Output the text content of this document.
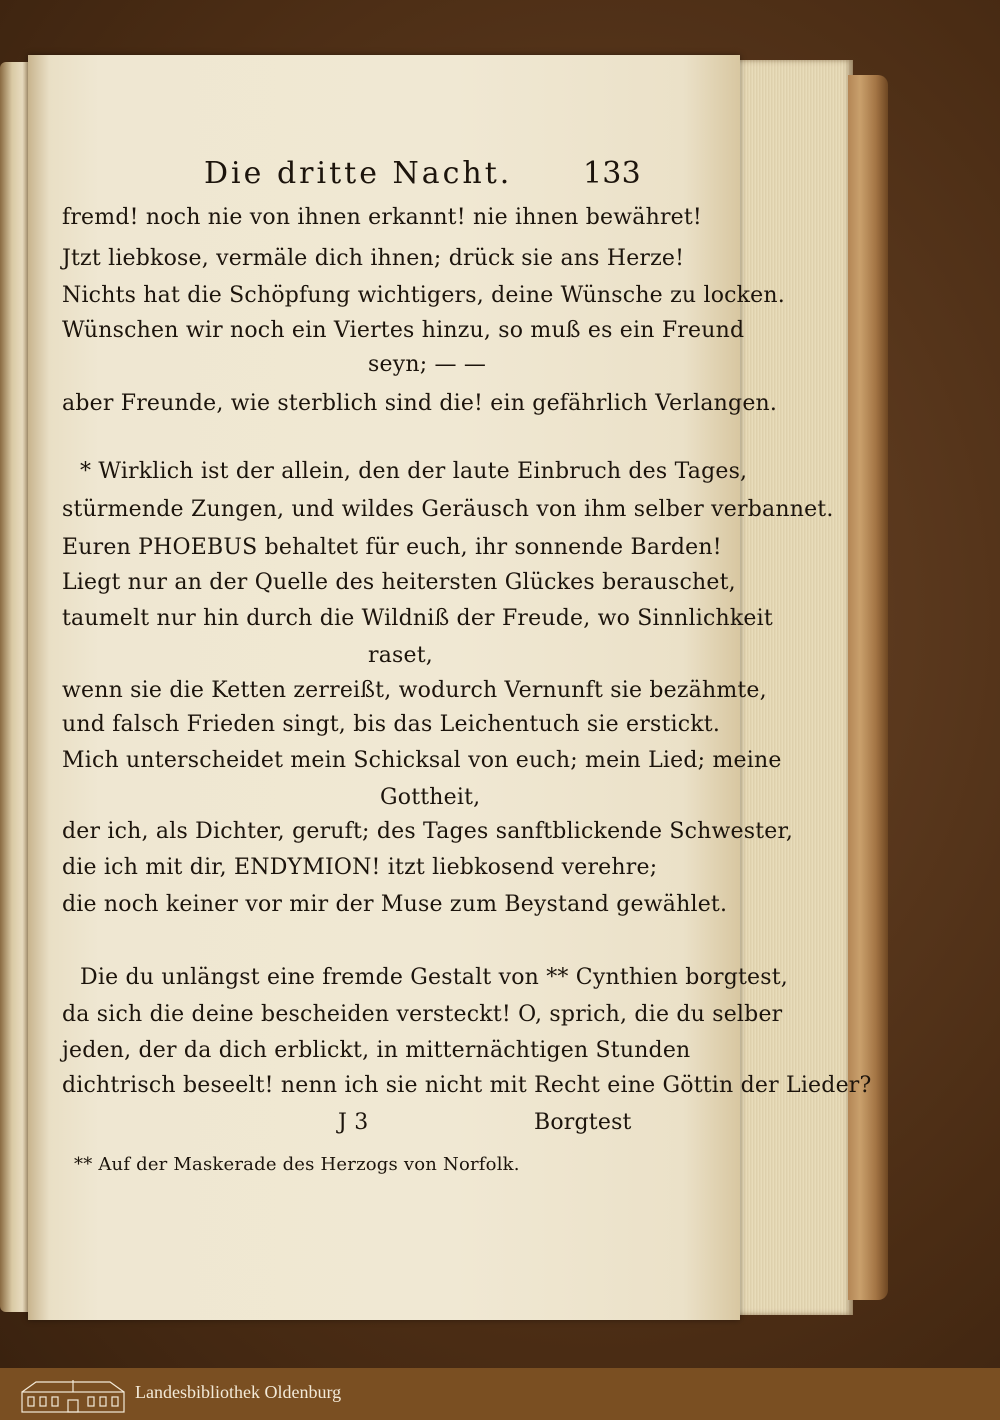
Die dritte Nacht. 133

fremd! noch nie von ihnen erkannt! nie ihnen bewähret!

Jtzt liebkose, vermäle dich ihnen; drück sie ans Herze!

Nichts hat die Schöpfung wichtigers, deine Wünsche zu locken.

Wünschen wir noch ein Viertes hinzu, so muß es ein Freund

seyn; — —

aber Freunde, wie sterblich sind die! ein gefährlich Verlangen.

* Wirklich ist der allein, den der laute Einbruch des Tages,

stürmende Zungen, und wildes Geräusch von ihm selber verbannet.

Euren PHOEBUS behaltet für euch, ihr sonnende Barden!

Liegt nur an der Quelle des heitersten Glückes berauschet,

taumelt nur hin durch die Wildniß der Freude, wo Sinnlichkeit

raset,

wenn sie die Ketten zerreißt, wodurch Vernunft sie bezähmte,

und falsch Frieden singt, bis das Leichentuch sie erstickt.

Mich unterscheidet mein Schicksal von euch; mein Lied; meine

Gottheit,

der ich, als Dichter, geruft; des Tages sanftblickende Schwester,

die ich mit dir, ENDYMION! itzt liebkosend verehre;

die noch keiner vor mir der Muse zum Beystand gewählet.

Die du unlängst eine fremde Gestalt von ** Cynthien borgtest,

da sich die deine bescheiden versteckt! O, sprich, die du selber

jeden, der da dich erblickt, in mitternächtigen Stunden

dichtrisch beseelt! nenn ich sie nicht mit Recht eine Göttin der Lieder?

J 3	Borgtest

** Auf der Maskerade des Herzogs von Norfolk.

Landesbibliothek Oldenburg
